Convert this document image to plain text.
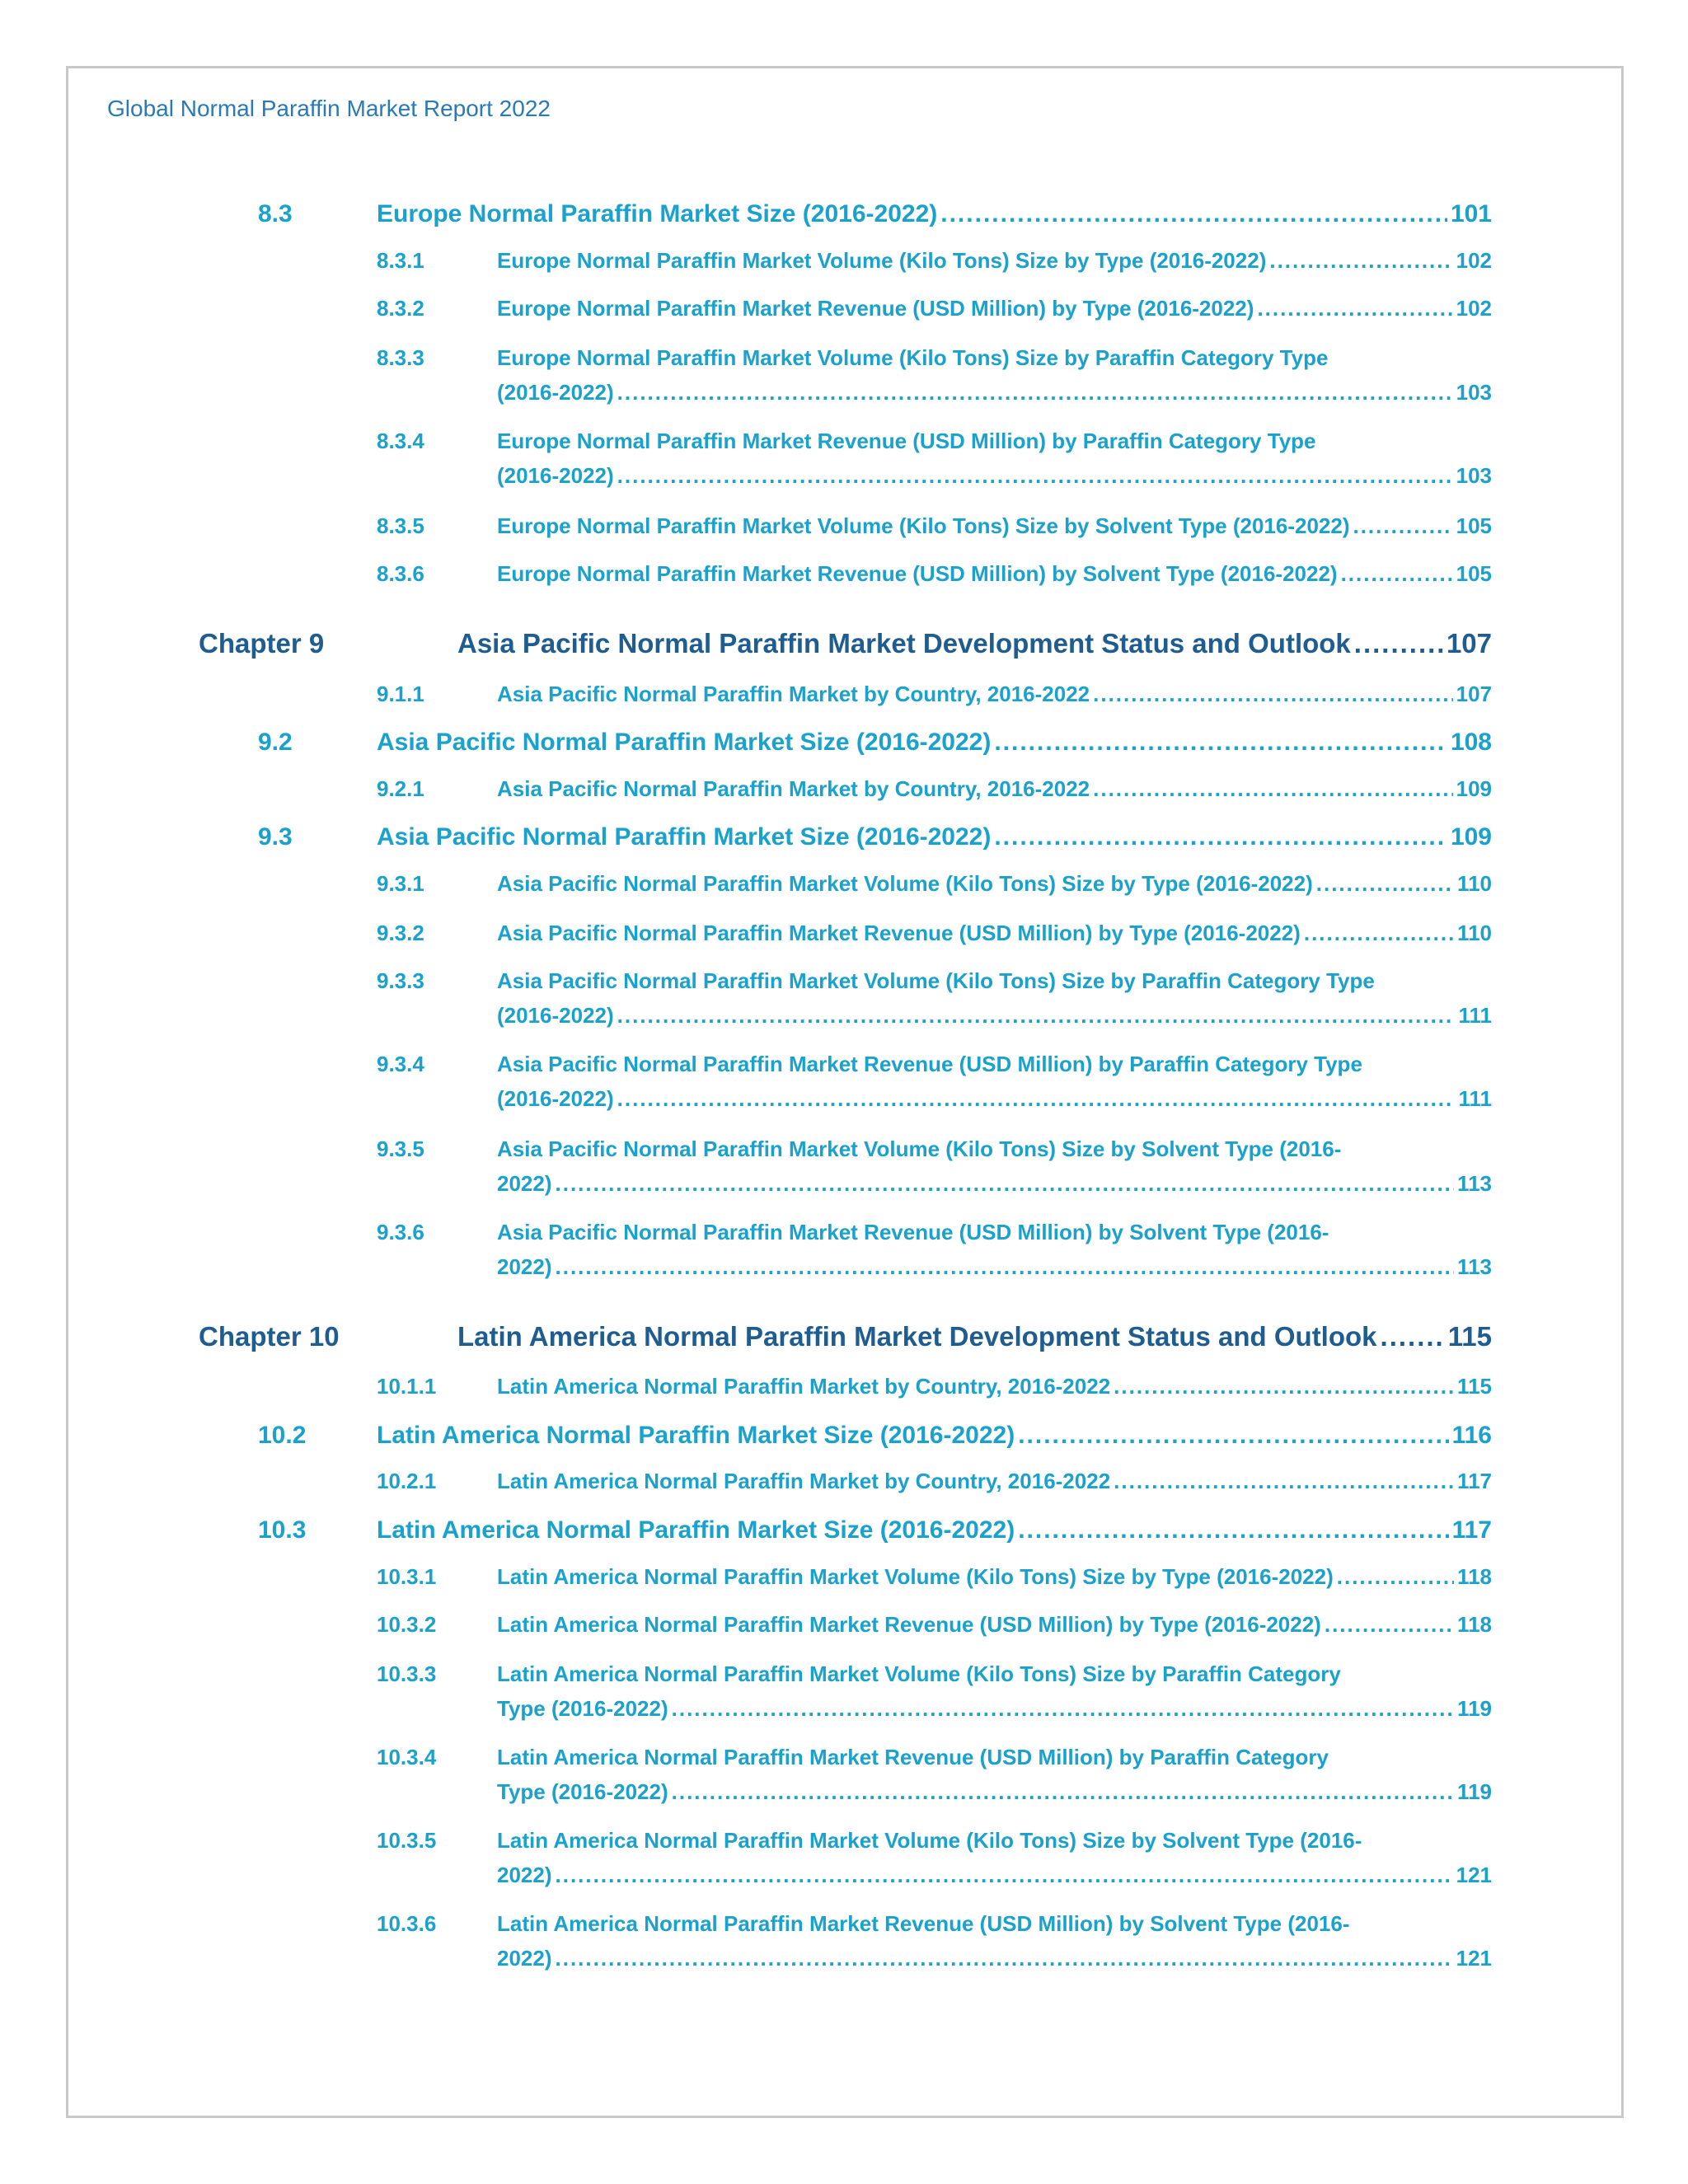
Global Normal Paraffin Market Report 2022
8.3	Europe Normal Paraffin Market Size (2016-2022) .....	101
8.3.1	Europe Normal Paraffin Market Volume (Kilo Tons) Size by Type (2016-2022) .....	102
8.3.2	Europe Normal Paraffin Market Revenue (USD Million) by Type (2016-2022) .....	102
8.3.3	Europe Normal Paraffin Market Volume (Kilo Tons) Size by Paraffin Category Type
(2016-2022) .....	103
8.3.4	Europe Normal Paraffin Market Revenue (USD Million) by Paraffin Category Type
(2016-2022) .....	103
8.3.5	Europe Normal Paraffin Market Volume (Kilo Tons) Size by Solvent Type (2016-2022) .....	105
8.3.6	Europe Normal Paraffin Market Revenue (USD Million) by Solvent Type (2016-2022) .....	105
Chapter 9	Asia Pacific Normal Paraffin Market Development Status and Outlook .....	107
9.1.1	Asia Pacific Normal Paraffin Market by Country, 2016-2022 .....	107
9.2	Asia Pacific Normal Paraffin Market Size (2016-2022) .....	108
9.2.1	Asia Pacific Normal Paraffin Market by Country, 2016-2022 .....	109
9.3	Asia Pacific Normal Paraffin Market Size (2016-2022) .....	109
9.3.1	Asia Pacific Normal Paraffin Market Volume (Kilo Tons) Size by Type (2016-2022) .....	110
9.3.2	Asia Pacific Normal Paraffin Market Revenue (USD Million) by Type (2016-2022) .....	110
9.3.3	Asia Pacific Normal Paraffin Market Volume (Kilo Tons) Size by Paraffin Category Type
(2016-2022) .....	111
9.3.4	Asia Pacific Normal Paraffin Market Revenue (USD Million) by Paraffin Category Type
(2016-2022) .....	111
9.3.5	Asia Pacific Normal Paraffin Market Volume (Kilo Tons) Size by Solvent Type (2016-
2022) .....	113
9.3.6	Asia Pacific Normal Paraffin Market Revenue (USD Million) by Solvent Type (2016-
2022) .....	113
Chapter 10	Latin America Normal Paraffin Market Development Status and Outlook .....	115
10.1.1	Latin America Normal Paraffin Market by Country, 2016-2022 .....	115
10.2	Latin America Normal Paraffin Market Size (2016-2022) .....	116
10.2.1	Latin America Normal Paraffin Market by Country, 2016-2022 .....	117
10.3	Latin America Normal Paraffin Market Size (2016-2022) .....	117
10.3.1	Latin America Normal Paraffin Market Volume (Kilo Tons) Size by Type (2016-2022) .....	118
10.3.2	Latin America Normal Paraffin Market Revenue (USD Million) by Type (2016-2022) .....	118
10.3.3	Latin America Normal Paraffin Market Volume (Kilo Tons) Size by Paraffin Category
Type (2016-2022) .....	119
10.3.4	Latin America Normal Paraffin Market Revenue (USD Million) by Paraffin Category
Type (2016-2022) .....	119
10.3.5	Latin America Normal Paraffin Market Volume (Kilo Tons) Size by Solvent Type (2016-
2022) .....	121
10.3.6	Latin America Normal Paraffin Market Revenue (USD Million) by Solvent Type (2016-
2022) .....	121
